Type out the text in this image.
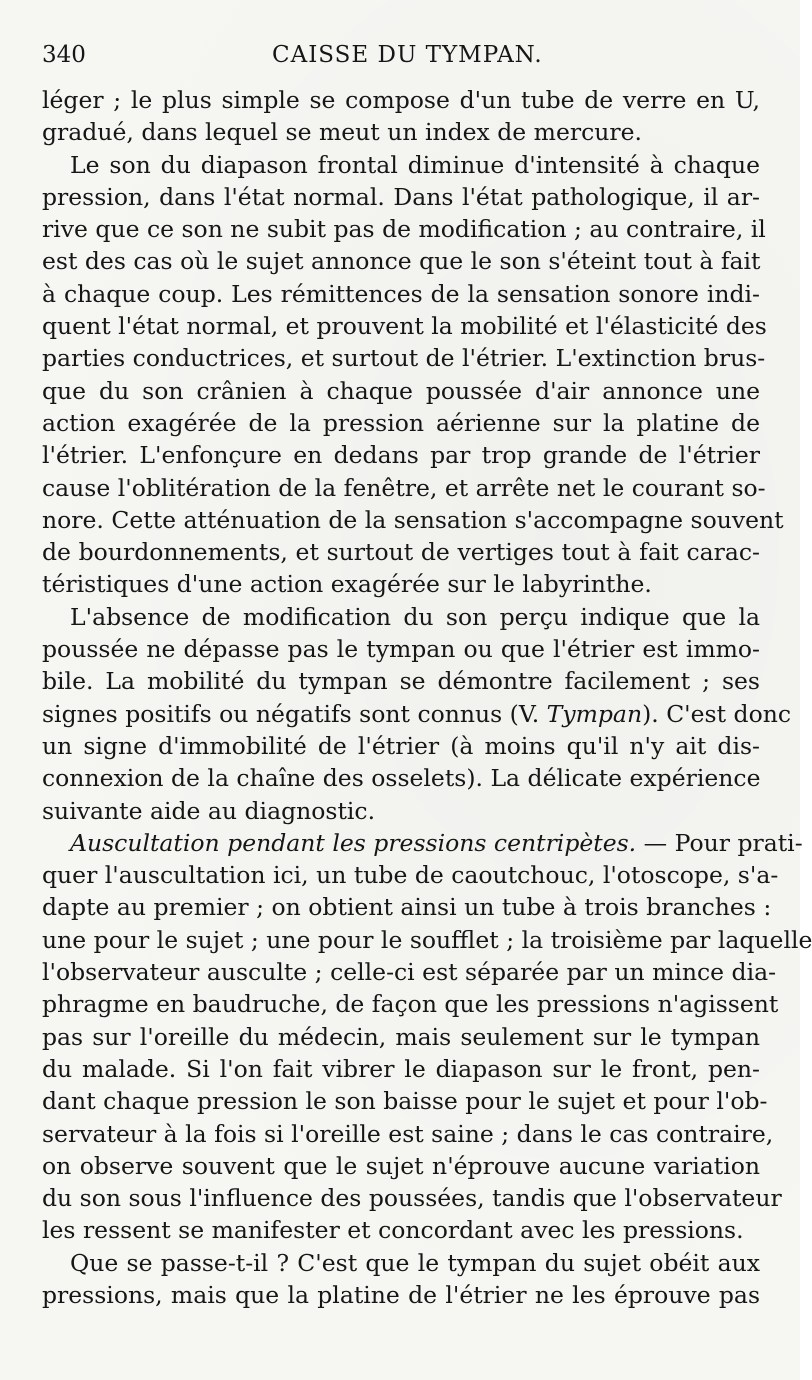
340	CAISSE DU TYMPAN.
léger ; le plus simple se compose d'un tube de verre en U,
gradué, dans lequel se meut un index de mercure.
Le son du diapason frontal diminue d'intensité à chaque
pression, dans l'état normal. Dans l'état pathologique, il ar-
rive que ce son ne subit pas de modification ; au contraire, il
est des cas où le sujet annonce que le son s'éteint tout à fait
à chaque coup. Les rémittences de la sensation sonore indi-
quent l'état normal, et prouvent la mobilité et l'élasticité des
parties conductrices, et surtout de l'étrier. L'extinction brus-
que du son crânien à chaque poussée d'air annonce une
action exagérée de la pression aérienne sur la platine de
l'étrier. L'enfonçure en dedans par trop grande de l'étrier
cause l'oblitération de la fenêtre, et arrête net le courant so-
nore. Cette atténuation de la sensation s'accompagne souvent
de bourdonnements, et surtout de vertiges tout à fait carac-
téristiques d'une action exagérée sur le labyrinthe.
L'absence de modification du son perçu indique que la
poussée ne dépasse pas le tympan ou que l'étrier est immo-
bile. La mobilité du tympan se démontre facilement ; ses
signes positifs ou négatifs sont connus (V. Tympan). C'est donc
un signe d'immobilité de l'étrier (à moins qu'il n'y ait dis-
connexion de la chaîne des osselets). La délicate expérience
suivante aide au diagnostic.
Auscultation pendant les pressions centripètes. — Pour prati-
quer l'auscultation ici, un tube de caoutchouc, l'otoscope, s'a-
dapte au premier ; on obtient ainsi un tube à trois branches :
une pour le sujet ; une pour le soufflet ; la troisième par laquelle
l'observateur ausculte ; celle-ci est séparée par un mince dia-
phragme en baudruche, de façon que les pressions n'agissent
pas sur l'oreille du médecin, mais seulement sur le tympan
du malade. Si l'on fait vibrer le diapason sur le front, pen-
dant chaque pression le son baisse pour le sujet et pour l'ob-
servateur à la fois si l'oreille est saine ; dans le cas contraire,
on observe souvent que le sujet n'éprouve aucune variation
du son sous l'influence des poussées, tandis que l'observateur
les ressent se manifester et concordant avec les pressions.
Que se passe-t-il ? C'est que le tympan du sujet obéit aux
pressions, mais que la platine de l'étrier ne les éprouve pas
